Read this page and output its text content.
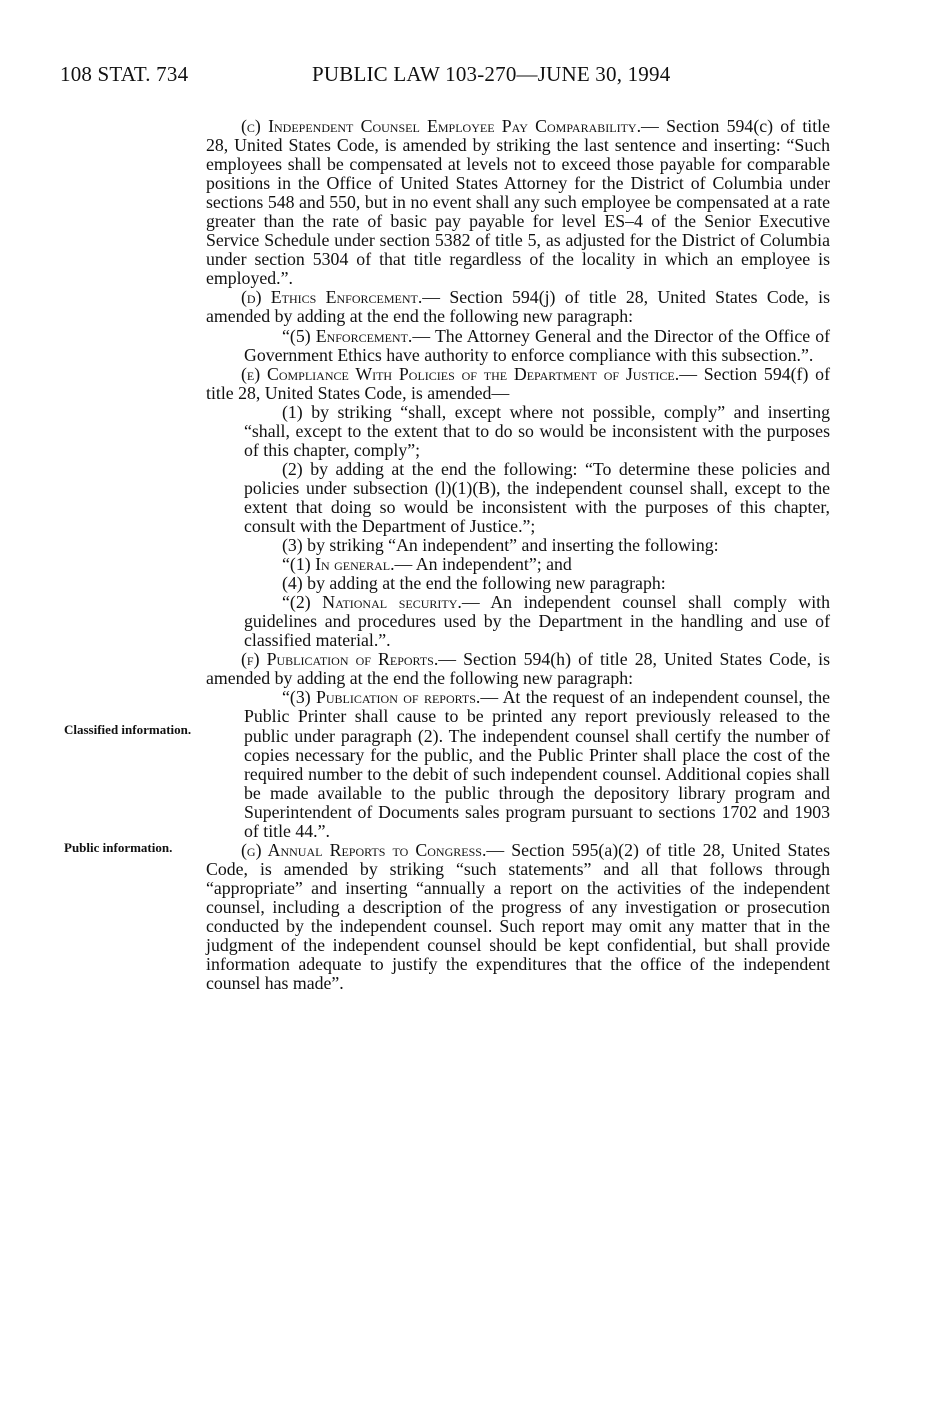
108 STAT. 734	PUBLIC LAW 103-270—JUNE 30, 1994
Classified information.
Public information.

(c) Independent Counsel Employee Pay Comparability.— Section 594(c) of title 28, United States Code, is amended by striking the last sentence and inserting: “Such employees shall be compensated at levels not to exceed those payable for comparable positions in the Office of United States Attorney for the District of Columbia under sections 548 and 550, but in no event shall any such employee be compensated at a rate greater than the rate of basic pay payable for level ES–4 of the Senior Executive Service Schedule under section 5382 of title 5, as adjusted for the District of Columbia under section 5304 of that title regardless of the locality in which an employee is employed.”.

(d) Ethics Enforcement.— Section 594(j) of title 28, United States Code, is amended by adding at the end the following new paragraph:

“(5) Enforcement.— The Attorney General and the Director of the Office of Government Ethics have authority to enforce compliance with this subsection.”.

(e) Compliance With Policies of the Department of Justice.— Section 594(f) of title 28, United States Code, is amended—

(1) by striking “shall, except where not possible, comply” and inserting “shall, except to the extent that to do so would be inconsistent with the purposes of this chapter, comply”;

(2) by adding at the end the following: “To determine these policies and policies under subsection (l)(1)(B), the independent counsel shall, except to the extent that doing so would be inconsistent with the purposes of this chapter, consult with the Department of Justice.”;

(3) by striking “An independent” and inserting the following:

“(1) In general.— An independent”; and

(4) by adding at the end the following new paragraph:

“(2) National security.— An independent counsel shall comply with guidelines and procedures used by the Department in the handling and use of classified material.”.

(f) Publication of Reports.— Section 594(h) of title 28, United States Code, is amended by adding at the end the following new paragraph:

“(3) Publication of reports.— At the request of an independent counsel, the Public Printer shall cause to be printed any report previously released to the public under paragraph (2). The independent counsel shall certify the number of copies necessary for the public, and the Public Printer shall place the cost of the required number to the debit of such independent counsel. Additional copies shall be made available to the public through the depository library program and Superintendent of Documents sales program pursuant to sections 1702 and 1903 of title 44.”.

(g) Annual Reports to Congress.— Section 595(a)(2) of title 28, United States Code, is amended by striking “such statements” and all that follows through “appropriate” and inserting “annually a report on the activities of the independent counsel, including a description of the progress of any investigation or prosecution conducted by the independent counsel. Such report may omit any matter that in the judgment of the independent counsel should be kept confidential, but shall provide information adequate to justify the expenditures that the office of the independent counsel has made”.
